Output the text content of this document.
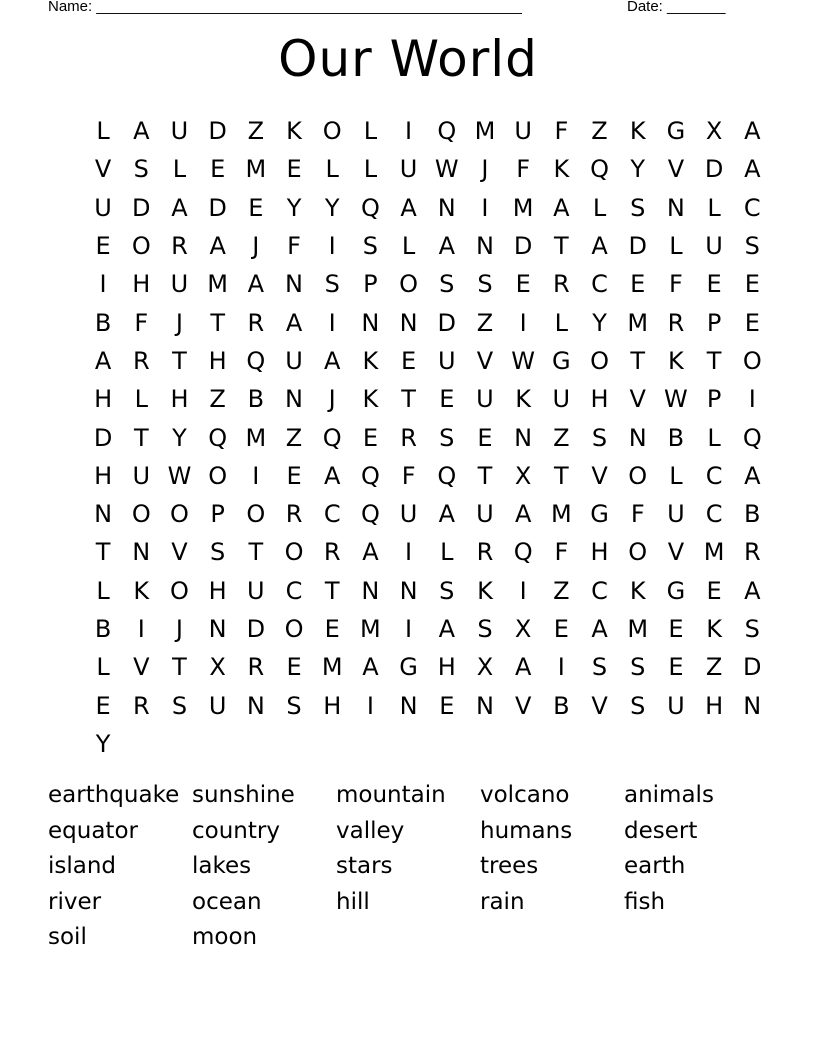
Name: ___________________________________________________	Date: _______
Our World
L A U D Z K O L	I	Q M U F Z K G X A
V S L E M E L	L U W J	F K Q Y V D A
U D A D E Y Y Q A N	I	M A L S N L C
E O R A	J	F	I	S L A N D T A D L U S
I	H U M A N S P O S S E R C E F E E
B F	J	T R A	I	N N D Z	I	L	Y M R P E
A R T H Q U A K E U V W G O T K T O
H L H Z B N	J	K T E U K U H V W P	I
D T Y Q M Z Q E R S E N Z S N B L Q
H U W O	I	E A Q F Q T X T V O L C A
N O O P O R C Q U A U A M G F U C B
T N V S T O R A	I	L R Q F H O V M R
L K O H U C T N N S K	I	Z C K G E A
B	I	J	N D O E M	I	A S X E A M E K S
L V T X R E M A G H X A	I	S S E Z D
E R S U N S H	I	N E N V B V S U H N
Y
earthquake sunshine	mountain	volcano	animals
equator	country	valley	humans	desert
island	lakes	stars	trees	earth
river	ocean	hill	rain	fish
soil	moon
